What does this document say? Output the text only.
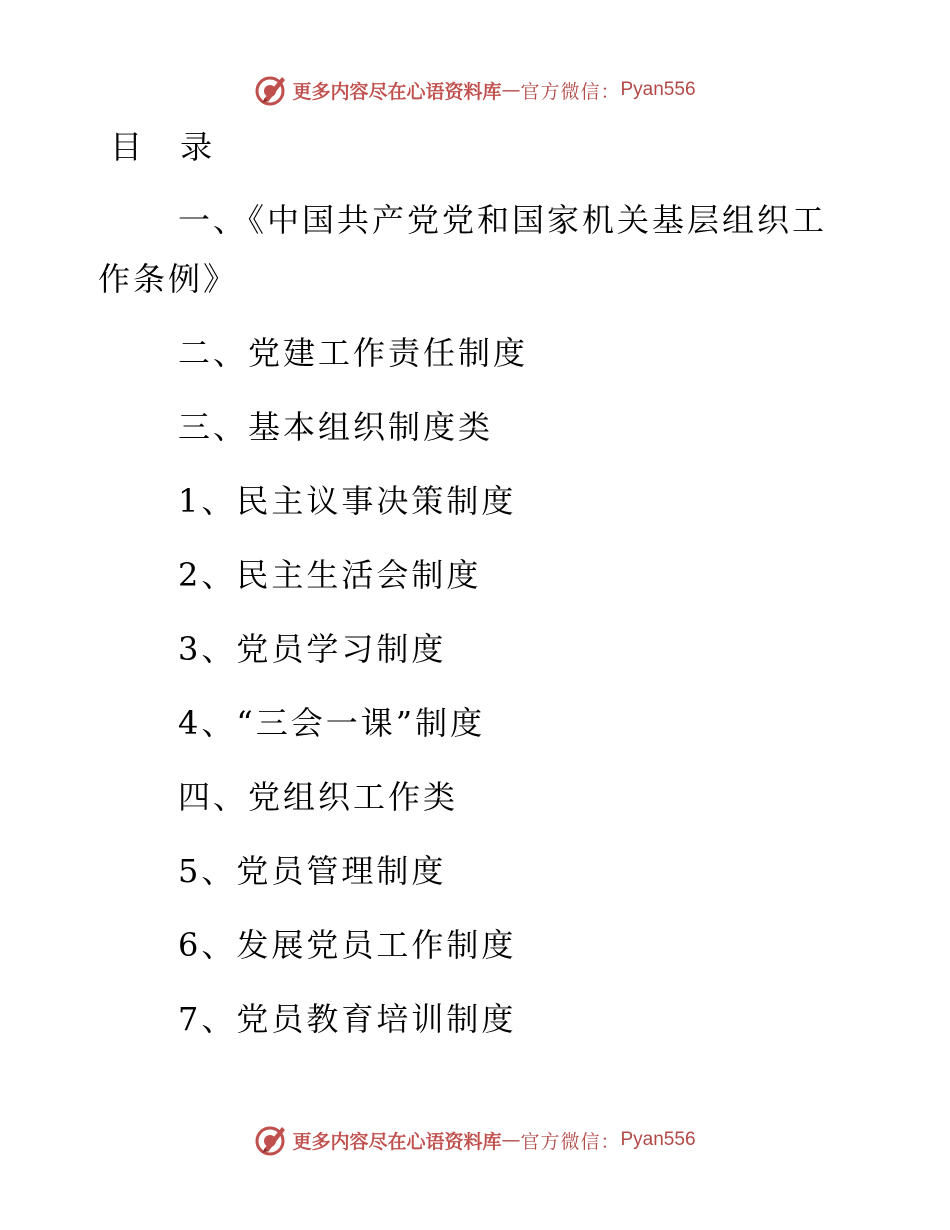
更多内容尽在心语资料库 — 官方微信： Pyan556
目 录
一、《中国共产党党和国家机关基层组织工
作条例》
二、党建工作责任制度
三、基本组织制度类
1、民主议事决策制度
2、民主生活会制度
3、党员学习制度
4、“三会一课”制度
四、党组织工作类
5、党员管理制度
6、发展党员工作制度
7、党员教育培训制度
更多内容尽在心语资料库 — 官方微信： Pyan556
